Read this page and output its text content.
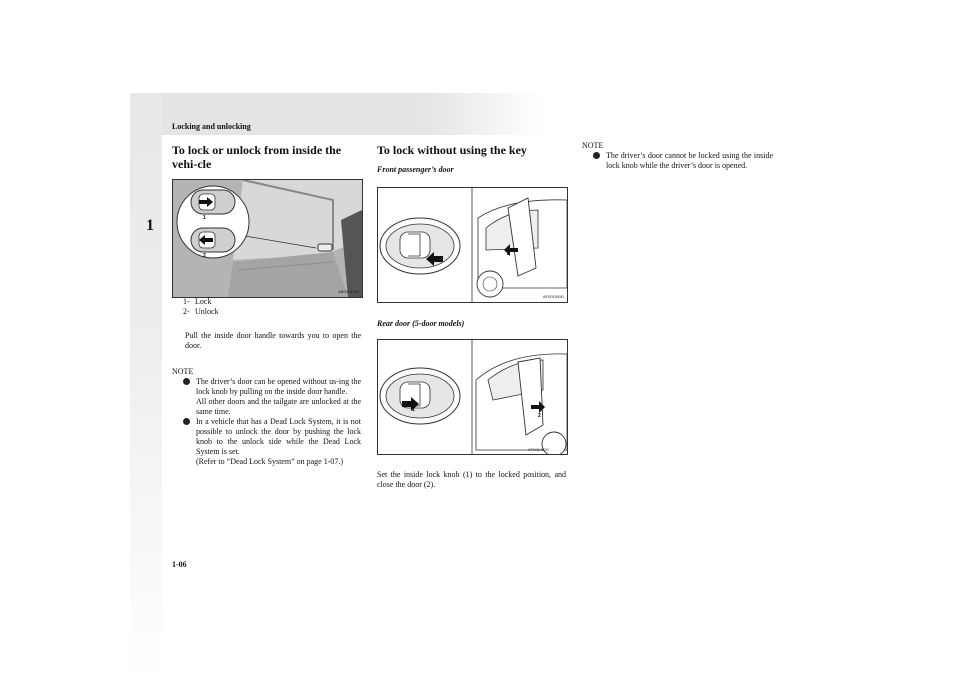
Locking and unlocking
1
To lock or unlock from inside the vehi-cle
1
2
AB0014290
1- Lock
2- Unlock
Pull the inside door handle towards you to open the door.
NOTE

The driver’s door can be opened without us-ing the lock knob by pulling on the inside door handle.

All other doors and the tailgate are unlocked at the same time.

In a vehicle that has a Dead Lock System, it is not possible to unlock the door by pushing the lock knob to the unlock side while the Dead Lock System is set.

(Refer to “Dead Lock System” on page 1-07.)

To lock without using the key
Front passenger’s door
1
2
AF0015050
Rear door (5-door models)
1
2
AF0014020
Set the inside lock knob (1) to the locked position, and close the door (2).
NOTE

The driver’s door cannot be locked using the inside lock knob while the driver’s door is opened.

1-06
